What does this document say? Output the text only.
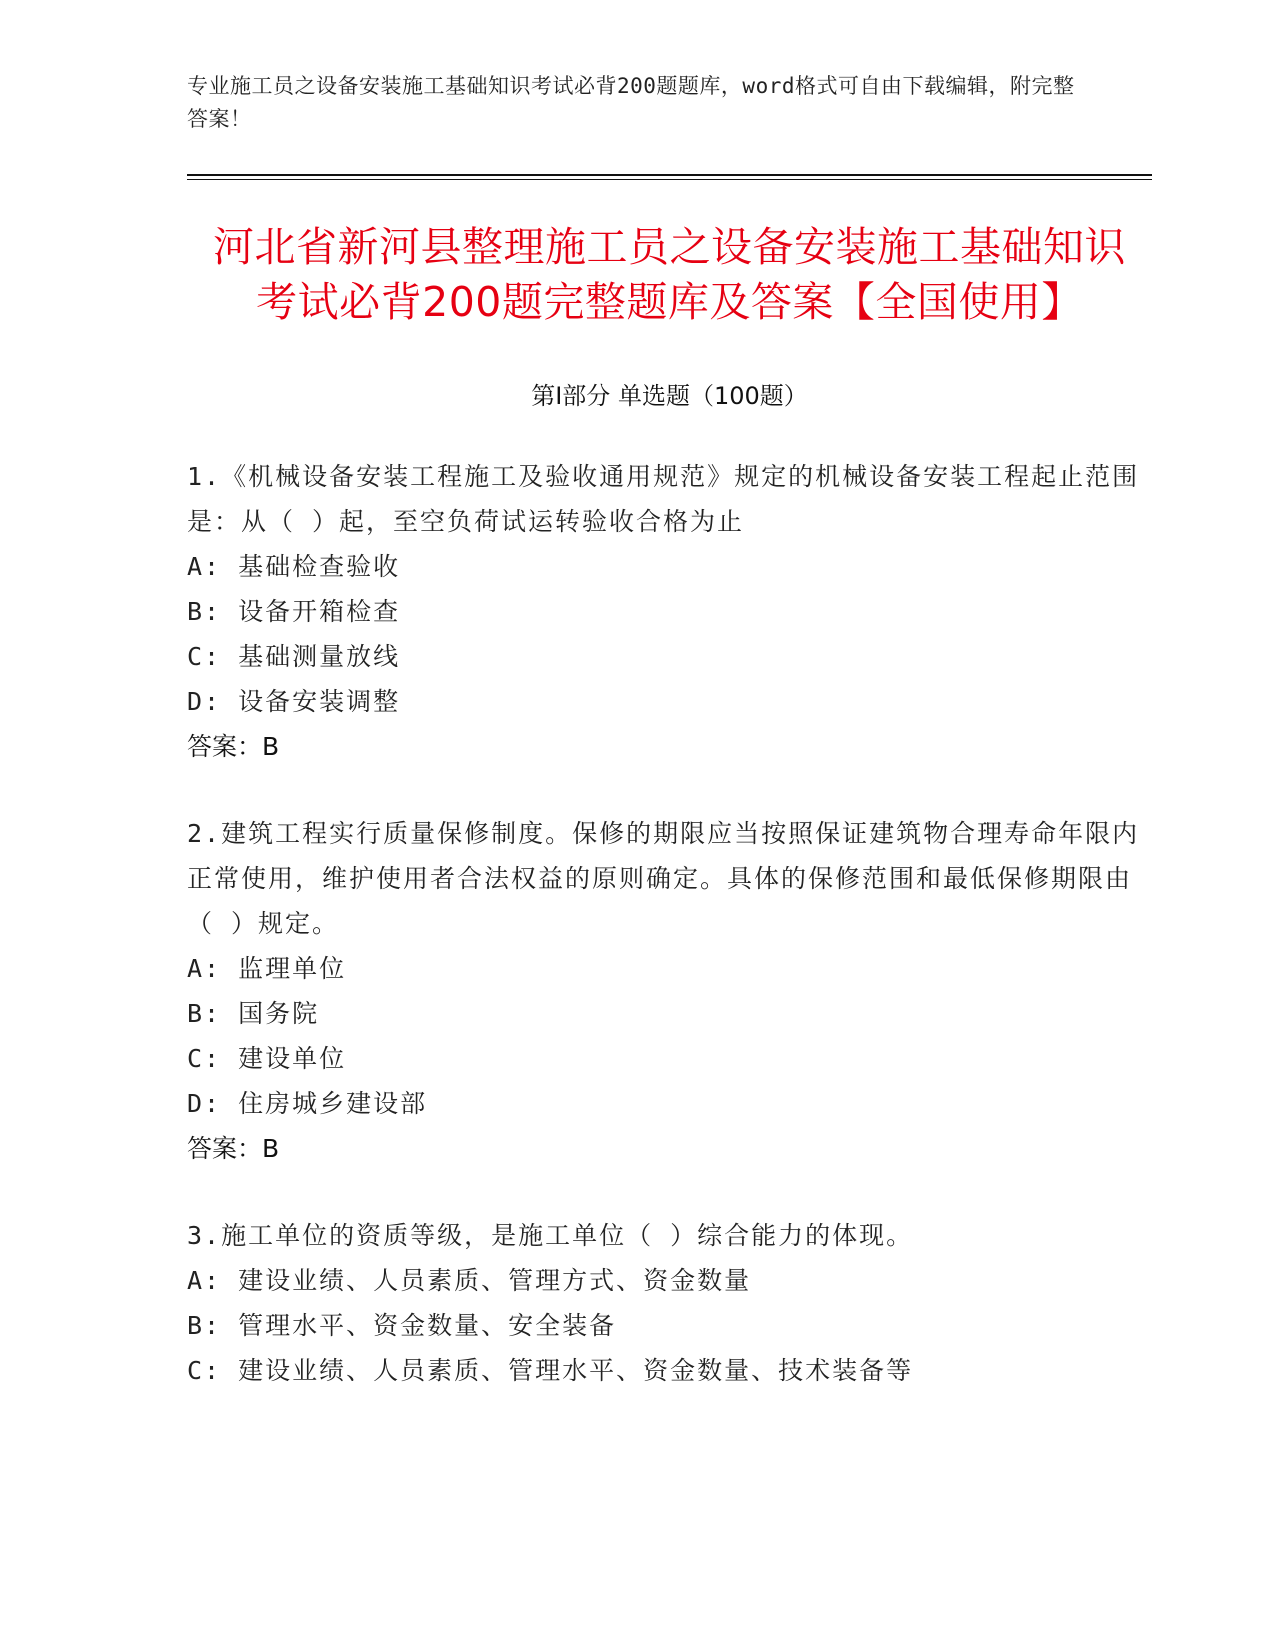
专业施工员之设备安装施工基础知识考试必背200题题库，word格式可自由下载编辑，附完整答案！
河北省新河县整理施工员之设备安装施工基础知识考试必背200题完整题库及答案【全国使用】
第Ⅰ部分 单选题（100题）
1.《机械设备安装工程施工及验收通用规范》规定的机械设备安装工程起止范围是：从（ ）起，至空负荷试运转验收合格为止
A: 基础检查验收
B: 设备开箱检查
C: 基础测量放线
D: 设备安装调整
答案：B
2.建筑工程实行质量保修制度。保修的期限应当按照保证建筑物合理寿命年限内正常使用，维护使用者合法权益的原则确定。具体的保修范围和最低保修期限由（ ）规定。
A: 监理单位
B: 国务院
C: 建设单位
D: 住房城乡建设部
答案：B
3.施工单位的资质等级，是施工单位（ ）综合能力的体现。
A: 建设业绩、人员素质、管理方式、资金数量
B: 管理水平、资金数量、安全装备
C: 建设业绩、人员素质、管理水平、资金数量、技术装备等
